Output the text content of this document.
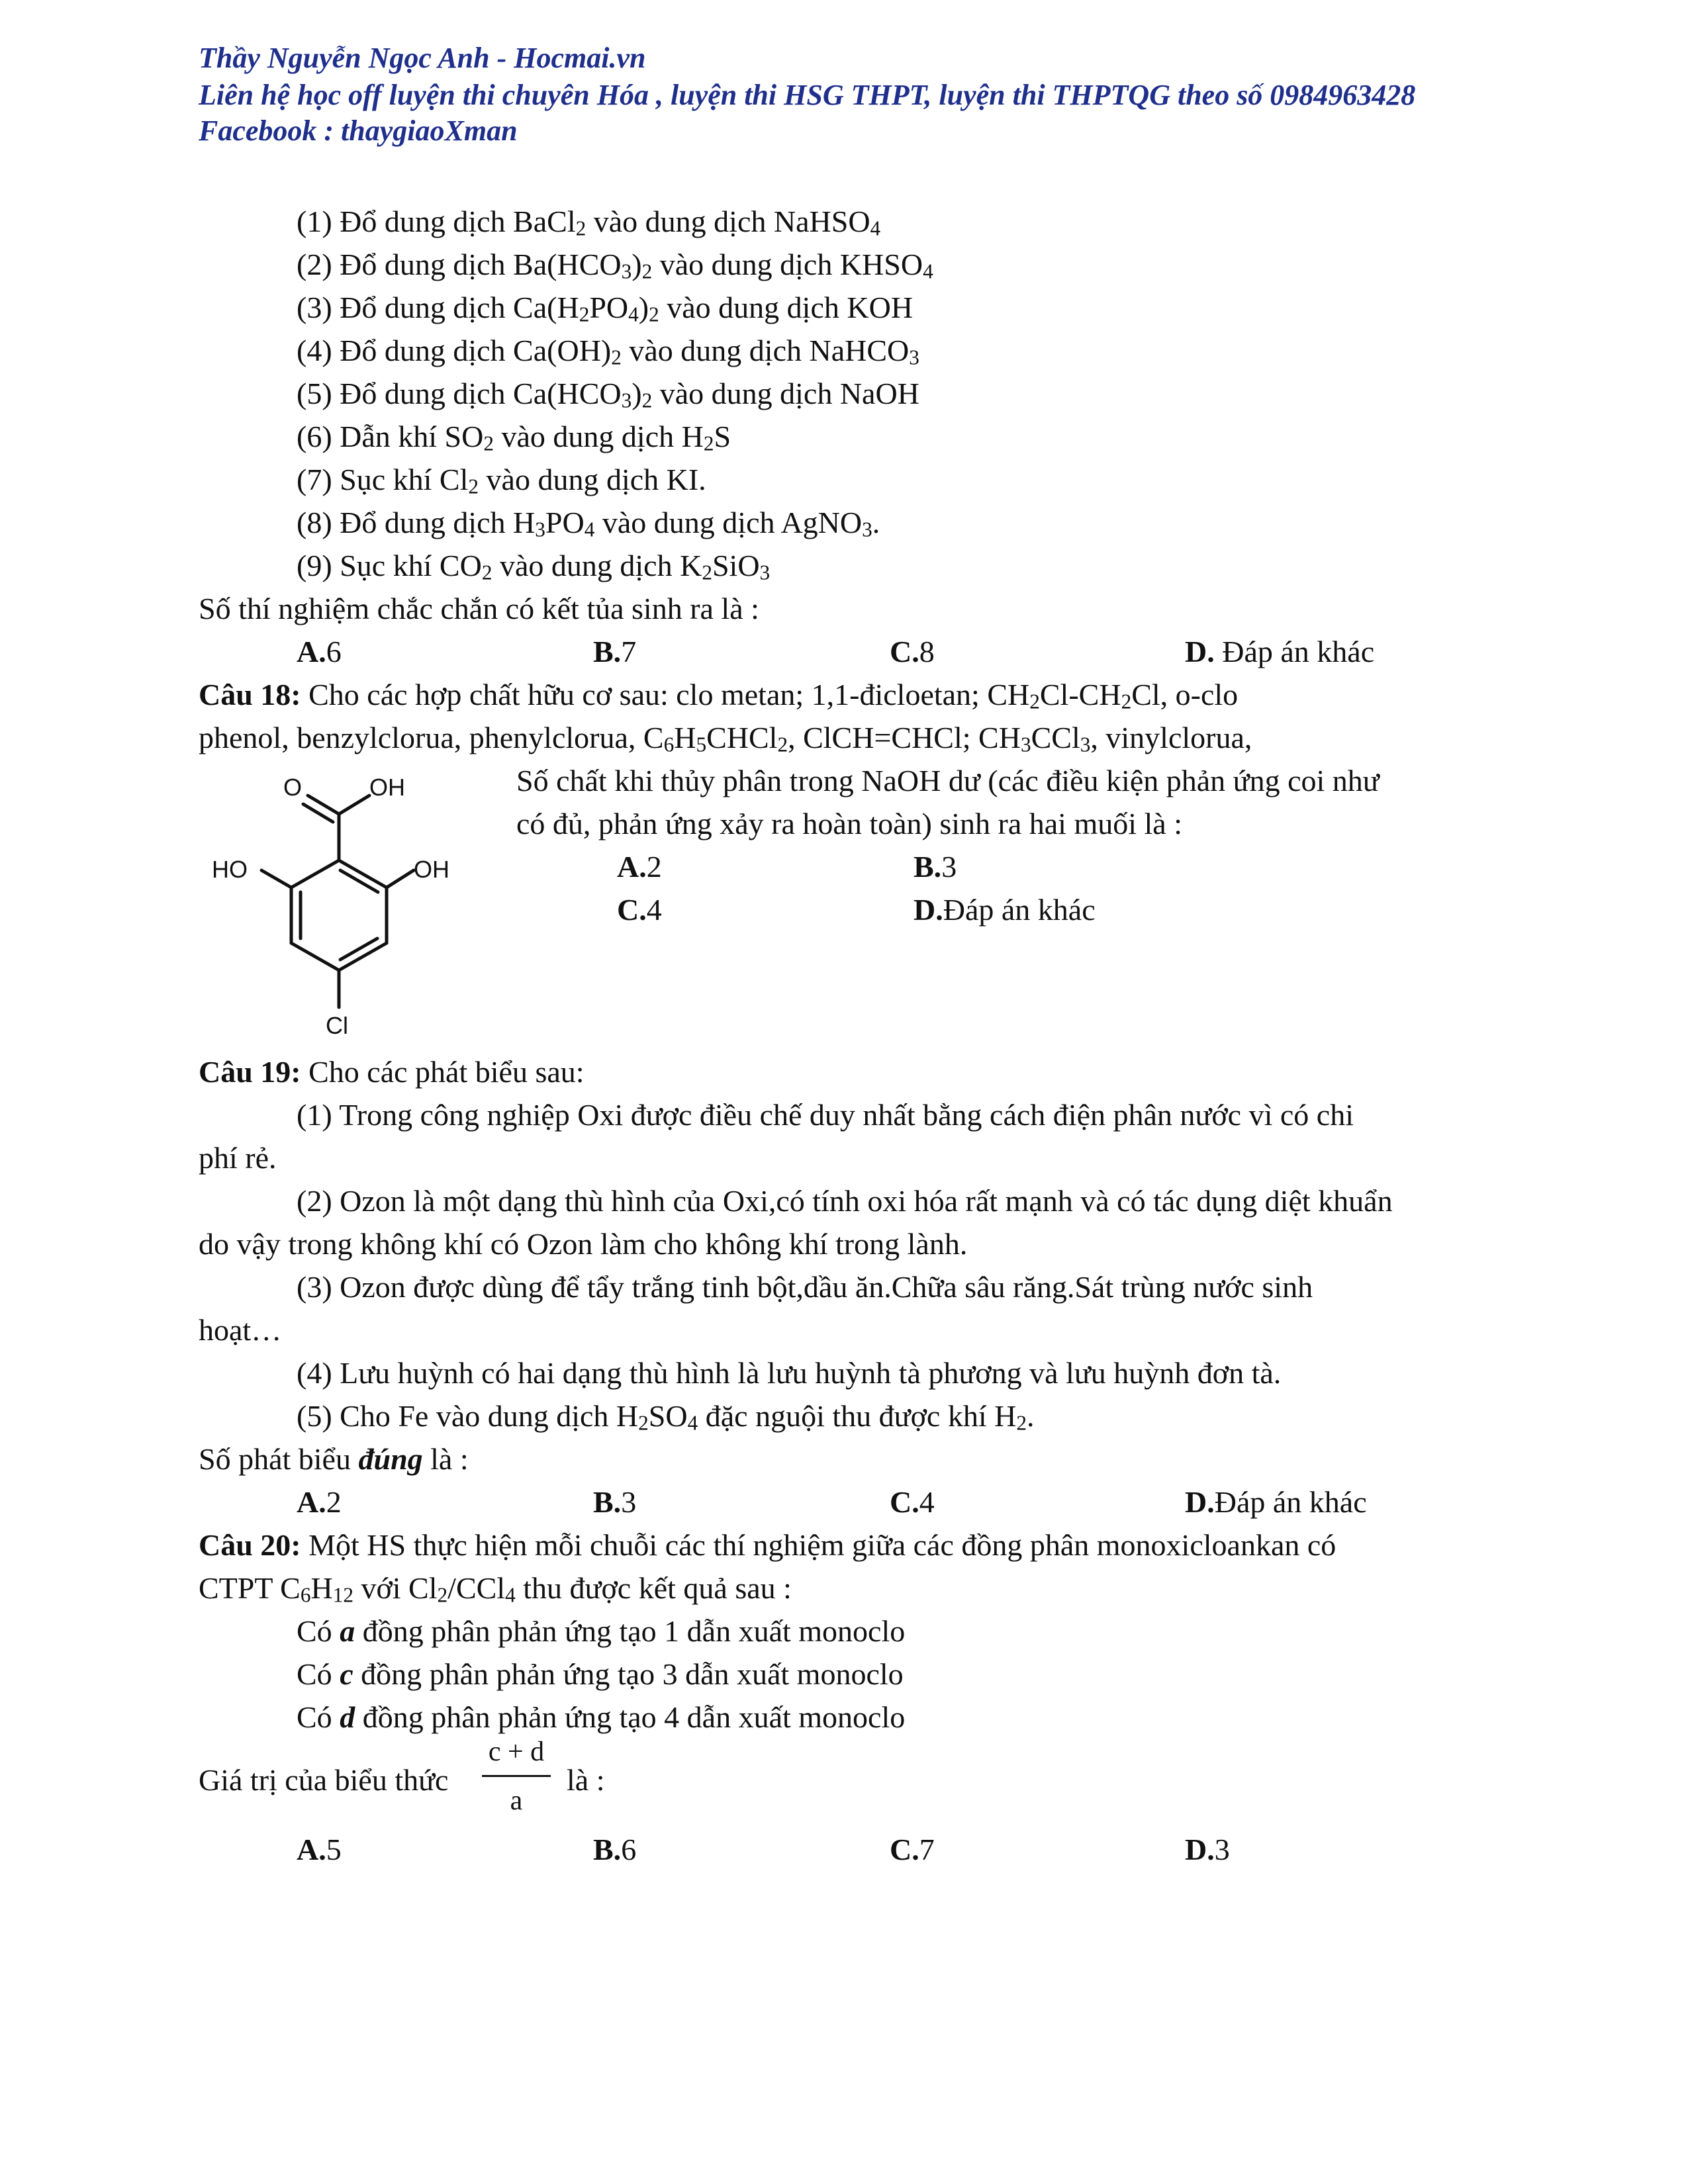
Thầy Nguyễn Ngọc Anh - Hocmai.vn
Liên hệ học off luyện thi chuyên Hóa , luyện thi HSG THPT, luyện thi THPTQG theo số 0984963428
Facebook : thaygiaoXman
(1) Đổ dung dịch BaCl$_2$ vào dung dịch NaHSO$_4$
(2) Đổ dung dịch $Ba(HCO_3)_2$ vào dung dịch $KHSO_4$
(3) Đổ dung dịch $Ca(H_2PO_4)_2$ vào dung dịch KOH
(4) Đổ dung dịch $Ca(OH)_2$ vào dung dịch NaHCO$_3$
(5) Đổ dung dịch $Ca(HCO_3)_2$ vào dung dịch NaOH
(6) Dẫn khí $SO_2$ vào dung dịch $H_2S$
(7) Sục khí $Cl_2$ vào dung dịch KI.
(8) Đổ dung dịch $H_3PO_4$ vào dung dịch AgNO$_3$.
(9) Sục khí $CO_2$ vào dung dịch $K_2SiO_3$
Số thí nghiệm chắc chắn có kết tủa sinh ra là :
A.6	B.7	C.8	D. Đáp án khác
Câu 18: Cho các hợp chất hữu cơ sau: clo metan; 1,1-đicloetan; $CH_2Cl-CH_2Cl$, o-clo
phenol, benzylclorua, phenylclorua, $C_6H_5CHCl_2$, ClCH=CHCl; $CH_3CCl_3$, vinylclorua,
O	OH
HO	OH
Cl
Số chất khi thủy phân trong NaOH dư (các điều kiện phản ứng coi như
có đủ, phản ứng xảy ra hoàn toàn) sinh ra hai muối là :
A.2	B.3
C.4	D.Đáp án khác
Câu 19: Cho các phát biểu sau:
(1) Trong công nghiệp Oxi được điều chế duy nhất bằng cách điện phân nước vì có chi
phí rẻ.
(2) Ozon là một dạng thù hình của Oxi,có tính oxi hóa rất mạnh và có tác dụng diệt khuẩn
do vậy trong không khí có Ozon làm cho không khí trong lành.
(3) Ozon được dùng để tẩy trắng tinh bột,dầu ăn.Chữa sâu răng.Sát trùng nước sinh
hoạt…
(4) Lưu huỳnh có hai dạng thù hình là lưu huỳnh tà phương và lưu huỳnh đơn tà.
(5) Cho Fe vào dung dịch $H_2SO_4$ đặc nguội thu được khí $H_2$.
Số phát biểu đúng là :
A.2	B.3	C.4	D.Đáp án khác
Câu 20: Một HS thực hiện mỗi chuỗi các thí nghiệm giữa các đồng phân monoxicloankan có
CTPT $C_6H_{12}$ với $Cl_2/CCl_4$ thu được kết quả sau :
Có a đồng phân phản ứng tạo 1 dẫn xuất monoclo
Có c đồng phân phản ứng tạo 3 dẫn xuất monoclo
Có d đồng phân phản ứng tạo 4 dẫn xuất monoclo
Giá trị của biểu thức
c + d
a
là :
A.5	B.6	C.7	D.3
